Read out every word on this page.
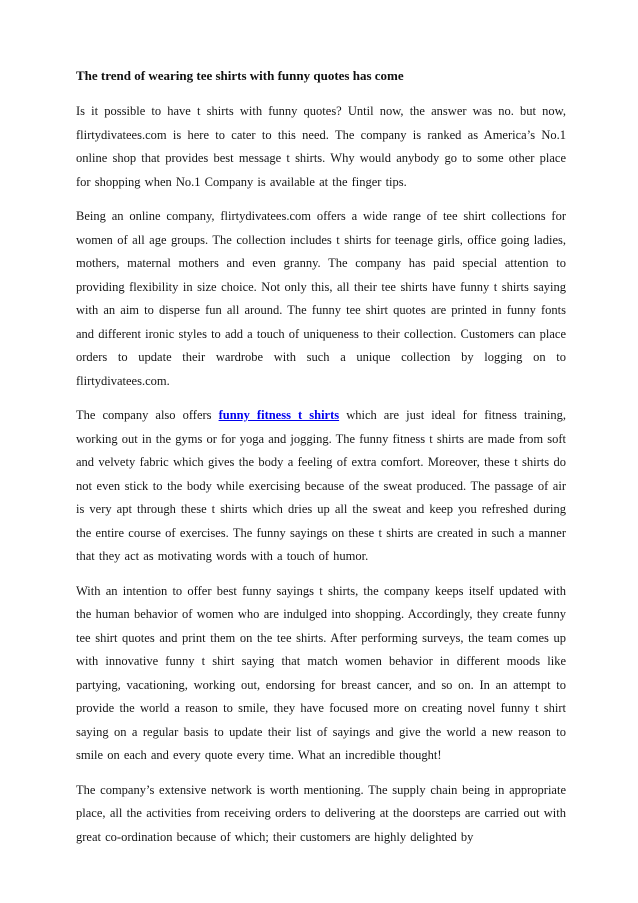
The trend of wearing tee shirts with funny quotes has come

Is it possible to have t shirts with funny quotes? Until now, the answer was no. but now, flirtydivatees.com is here to cater to this need. The company is ranked as America’s No.1 online shop that provides best message t shirts. Why would anybody go to some other place for shopping when No.1 Company is available at the finger tips.

Being an online company, flirtydivatees.com offers a wide range of tee shirt collections for women of all age groups. The collection includes t shirts for teenage girls, office going ladies, mothers, maternal mothers and even granny. The company has paid special attention to providing flexibility in size choice. Not only this, all their tee shirts have funny t shirts saying with an aim to disperse fun all around. The funny tee shirt quotes are printed in funny fonts and different ironic styles to add a touch of uniqueness to their collection. Customers can place orders to update their wardrobe with such a unique collection by logging on to flirtydivatees.com.

The company also offers funny fitness t shirts which are just ideal for fitness training, working out in the gyms or for yoga and jogging. The funny fitness t shirts are made from soft and velvety fabric which gives the body a feeling of extra comfort. Moreover, these t shirts do not even stick to the body while exercising because of the sweat produced. The passage of air is very apt through these t shirts which dries up all the sweat and keep you refreshed during the entire course of exercises. The funny sayings on these t shirts are created in such a manner that they act as motivating words with a touch of humor.

With an intention to offer best funny sayings t shirts, the company keeps itself updated with the human behavior of women who are indulged into shopping. Accordingly, they create funny tee shirt quotes and print them on the tee shirts. After performing surveys, the team comes up with innovative funny t shirt saying that match women behavior in different moods like partying, vacationing, working out, endorsing for breast cancer, and so on. In an attempt to provide the world a reason to smile, they have focused more on creating novel funny t shirt saying on a regular basis to update their list of sayings and give the world a new reason to smile on each and every quote every time. What an incredible thought!

The company’s extensive network is worth mentioning. The supply chain being in appropriate place, all the activities from receiving orders to delivering at the doorsteps are carried out with great co-ordination because of which; their customers are highly delighted by
